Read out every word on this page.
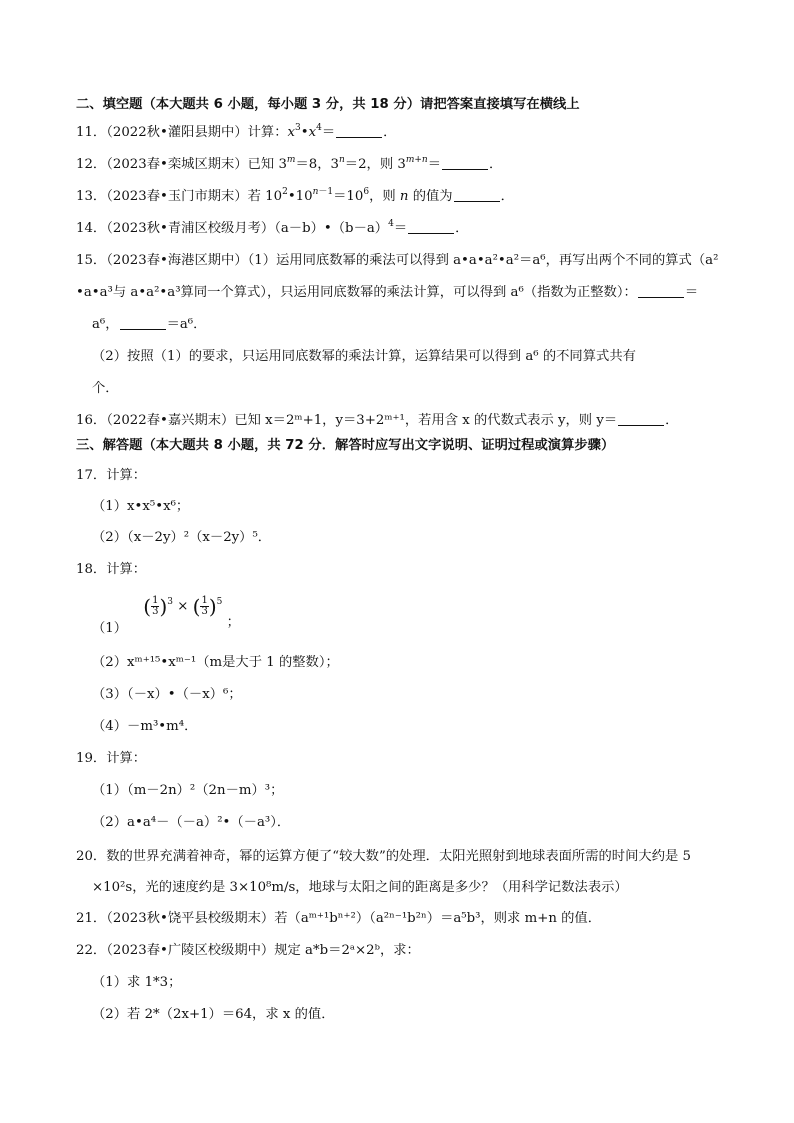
二、填空题（本大题共 6 小题，每小题 3 分，共 18 分）请把答案直接填写在横线上
11．（2022秋•灌阳县期中）计算：$x^3•x^4=$	．
12．（2023春•栾城区期末）已知 $3^m=8$，$3^n=2$，则 $3^{m+n}=$	．
13．（2023春•玉门市期末）若 $10^2•10^{n-1}=10^6$，则 n 的值为	．
14．（2023秋•青浦区校级月考）$(a-b)•(b-a)^4=$	．
15．（2023春•海港区期中）（1）运用同底数幂的乘法可以得到 a•a•a²•a²＝a⁶，再写出两个不同的算式（a²
•a•a³与 a•a²•a³算同一个算式），只运用同底数幂的乘法计算，可以得到 a⁶（指数为正整数）：	＝
a⁶，	＝a⁶．
（2）按照（1）的要求，只运用同底数幂的乘法计算，运算结果可以得到 a⁶ 的不同算式共有
个．
16．（2022春•嘉兴期末）已知 x＝2ᵐ+1，y＝3+2ᵐ⁺¹，若用含 x 的代数式表示 y，则 y＝	．
三、解答题（本大题共 8 小题，共 72 分．解答时应写出文字说明、证明过程或演算步骤）
17．计算：
（1）x•x⁵•x⁶；
（2）（x－2y）²（x－2y）⁵．
18．计算：
（1） ( $\frac{1}{3} )^3$ × ( $\frac{1}{3} )^5$ ；
（2）xᵐ⁺¹⁵•xᵐ⁻¹（m是大于 1 的整数）；
（3）（－x）•（－x）⁶；
（4）－m³•m⁴．
19．计算：
（1）（m－2n）²（2n－m）³；
（2）a•a⁴－（－a）²•（－a³）．
20．数的世界充满着神奇，幂的运算方便了“较大数”的处理．太阳光照射到地球表面所需的时间大约是 5
×10²s，光的速度约是 3×10⁸m/s，地球与太阳之间的距离是多少？（用科学记数法表示）
21．（2023秋•饶平县校级期末）若（aᵐ⁺¹bⁿ⁺²）（a²ⁿ⁻¹b²ⁿ）＝a⁵b³，则求 m+n 的值．
22．（2023春•广陵区校级期中）规定 a*b＝2ᵃ×2ᵇ，求：
（1）求 1*3；
（2）若 2*（2x+1）＝64，求 x 的值．
